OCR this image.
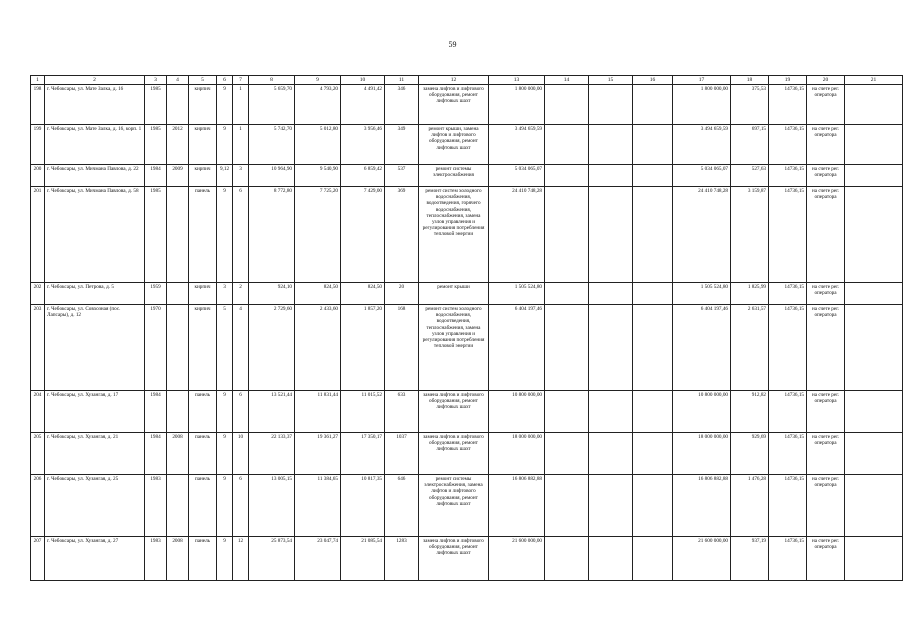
59
1	2	3	4	5	6	7	8	9	10	11	12	13	14	15	16	17	18	19	20	21
198	г. Чебоксары, ул. Мате Залка, д. 16	1985		кирпич	9	1	5 659,70	4 793,20	4 491,42	346	замена лифтов и лифтового оборудования, ремонт лифтовых шахт	1 800 000,00				1 800 000,00	375,53	14736,15	на счете рег. оператора	
199	г. Чебоксары, ул. Мате Залка, д. 16, корп. 1	1985	2012	кирпич	9	1	5 742,70	5 012,80	3 956,46	349	ремонт крыши, замена лифтов и лифтового оборудования, ремонт лифтовых шахт	3 494 659,59				3 494 659,59	697,15	14736,15	на счете рег. оператора	
200	г. Чебоксары, ул. Мичмана Павлова, д. 22	1984	2009	кирпич	9,12	3	10 964,90	9 540,90	6 859,42	537	ремонт системы электроснабжения	5 034 065,07				5 034 065,07	527,63	14736,15	на счете рег. оператора	
201	г. Чебоксары, ул. Мичмана Павлова, д. 58	1985		панель	9	6	8 772,80	7 725,20	7 429,00	369	ремонт систем холодного водоснабжения, водоотведения, горячего водоснабжения, теплоснабжения, замена узлов управления и регулирования потребления тепловой энергии	24 410 748,28				24 410 748,28	3 159,87	14736,15	на счете рег. оператора	
202	г. Чебоксары, ул. Петрова, д. 5	1959		кирпич	3	2	924,10	824,50	824,50	20	ремонт крыши	1 505 524,80				1 505 524,80	1 825,99	14736,15	на счете рег. оператора	
203	г. Чебоксары, ул. Совхозная (пос. Лапсары), д. 12	1970		кирпич	5	4	2 729,60	2 433,60	1 857,20	168	ремонт систем холодного водоснабжения, водоотведения, теплоснабжения, замена узлов управления и регулирования потребления тепловой энергии	6 404 197,46				6 404 197,46	2 631,57	14736,15	на счете рег. оператора	
204	г. Чебоксары, ул. Хузангая, д. 17	1984		панель	9	6	13 521,44	11 831,44	11 015,52	633	замена лифтов и лифтового оборудования, ремонт лифтовых шахт	10 800 000,00				10 800 000,00	912,82	14736,15	на счете рег. оператора	
205	г. Чебоксары, ул. Хузангая, д. 21	1984	2008	панель	9	10	22 133,37	19 361,27	17 350,17	1037	замена лифтов и лифтового оборудования, ремонт лифтовых шахт	18 000 000,00				18 000 000,00	929,69	14736,15	на счете рег. оператора	
206	г. Чебоксары, ул. Хузангая, д. 25	1983		панель	9	6	13 005,15	11 384,65	10 817,35	646	ремонт системы электроснабжения, замена лифтов и лифтового оборудования, ремонт лифтовых шахт	16 806 882,88				16 806 882,88	1 476,28	14736,15	на счете рег. оператора	
207	г. Чебоксары, ул. Хузангая, д. 27	1983	2008	панель	9	12	25 873,54	23 047,74	21 085,54	1283	замена лифтов и лифтового оборудования, ремонт лифтовых шахт	21 600 000,00				21 600 000,00	937,19	14736,15	на счете рег. оператора	
